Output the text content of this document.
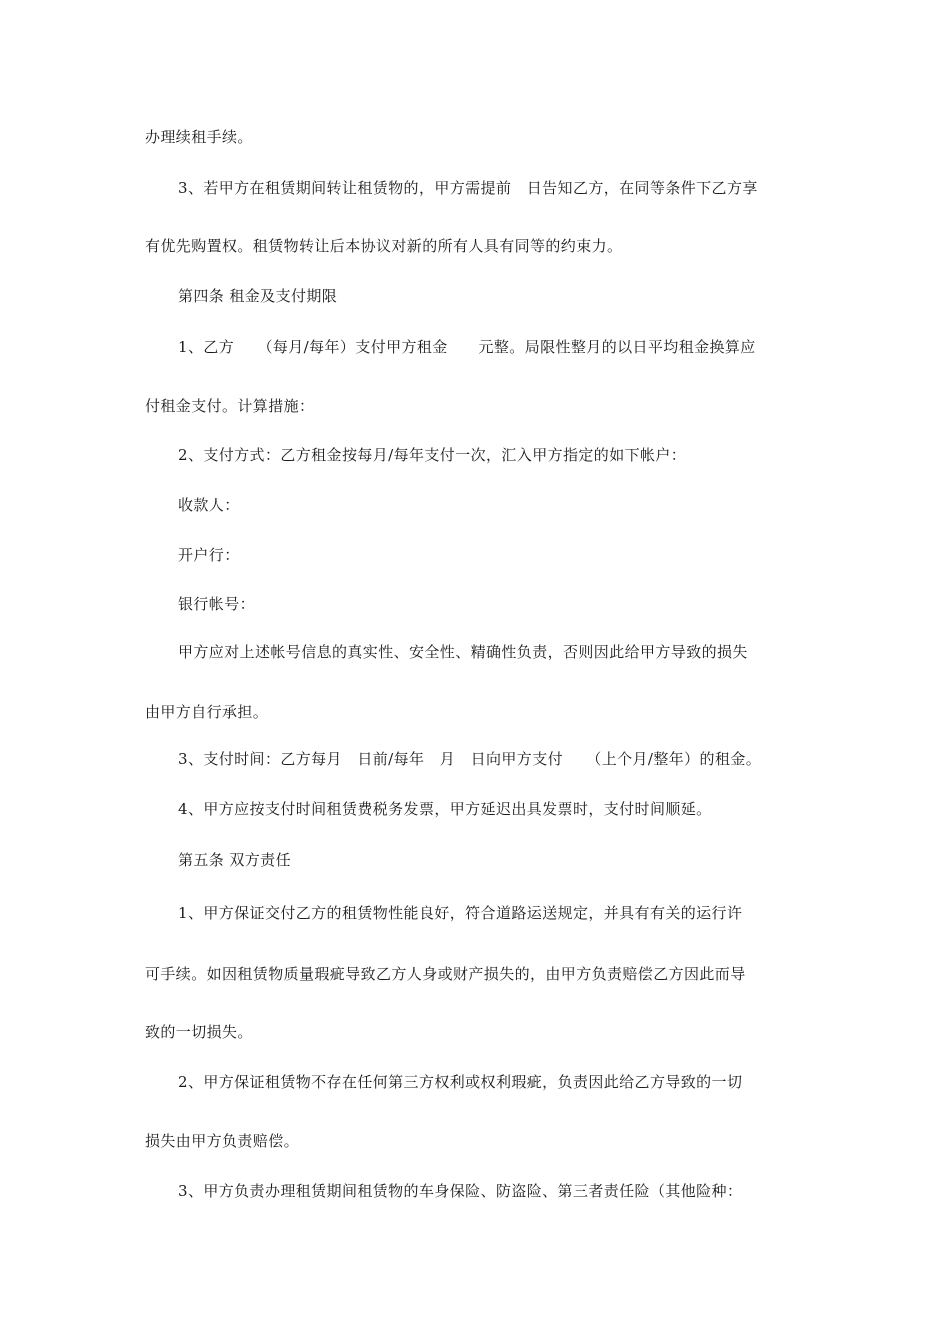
办理续租手续。
3、若甲方在租赁期间转让租赁物的，甲方需提前　日告知乙方，在同等条件下乙方享
有优先购置权。租赁物转让后本协议对新的所有人具有同等的约束力。
第四条 租金及支付期限
1、乙方　　（每月/每年）支付甲方租金　　元整。局限性整月的以日平均租金换算应
付租金支付。计算措施：
2、支付方式：乙方租金按每月/每年支付一次，汇入甲方指定的如下帐户：
收款人：
开户行：
银行帐号：
甲方应对上述帐号信息的真实性、安全性、精确性负责，否则因此给甲方导致的损失
由甲方自行承担。
3、支付时间：乙方每月　日前/每年　月　日向甲方支付　　（上个月/整年）的租金。
4、甲方应按支付时间租赁费税务发票，甲方延迟出具发票时，支付时间顺延。
第五条 双方责任
1、甲方保证交付乙方的租赁物性能良好，符合道路运送规定，并具有有关的运行许
可手续。如因租赁物质量瑕疵导致乙方人身或财产损失的，由甲方负责赔偿乙方因此而导
致的一切损失。
2、甲方保证租赁物不存在任何第三方权利或权利瑕疵，负责因此给乙方导致的一切
损失由甲方负责赔偿。
3、甲方负责办理租赁期间租赁物的车身保险、防盗险、第三者责任险（其他险种：
